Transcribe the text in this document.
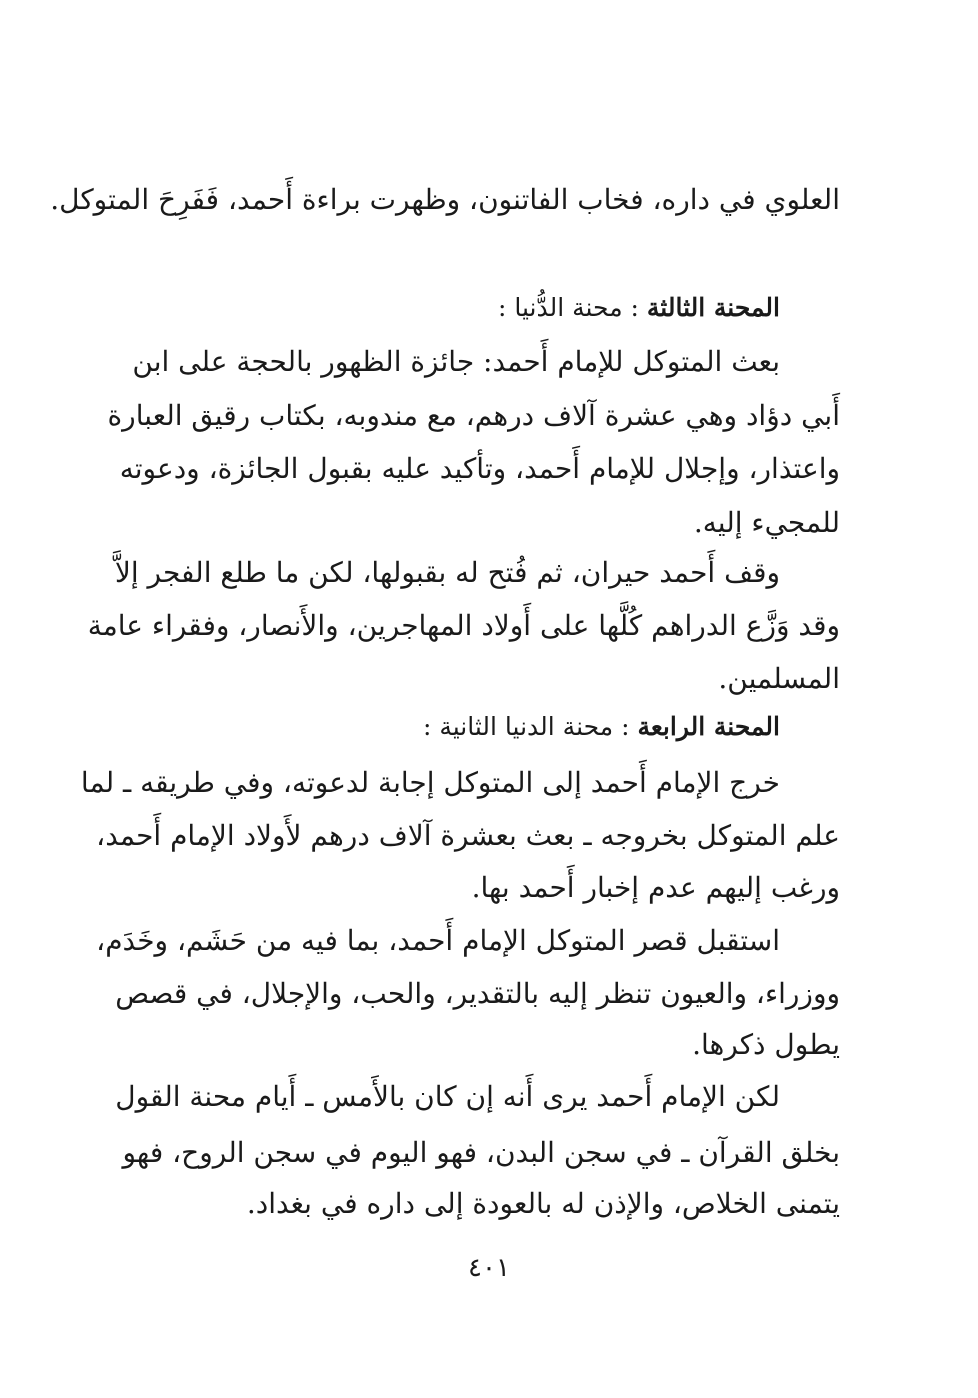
العلوي في داره، فخاب الفاتنون، وظهرت براءة أَحمد، فَفَرِحَ المتوكل.
المحنة الثالثة : محنة الدُّنيا :
بعث المتوكل للإمام أَحمد: جائزة الظهور بالحجة على ابن
أَبي دؤاد وهي عشرة آلاف درهم، مع مندوبه، بكتاب رقيق العبارة
واعتذار، وإجلال للإمام أَحمد، وتأكيد عليه بقبول الجائزة، ودعوته
للمجيء إليه.
وقف أَحمد حيران، ثم فُتح له بقبولها، لكن ما طلع الفجر إلاَّ
وقد وَزَّع الدراهم كُلَّها على أَولاد المهاجرين، والأَنصار، وفقراء عامة
المسلمين.
المحنة الرابعة : محنة الدنيا الثانية :
خرج الإمام أَحمد إلى المتوكل إجابة لدعوته، وفي طريقه ـ لما
علم المتوكل بخروجه ـ بعث بعشرة آلاف درهم لأَولاد الإمام أَحمد،
ورغب إليهم عدم إخبار أَحمد بها.
استقبل قصر المتوكل الإمام أَحمد، بما فيه من حَشَم، وخَدَم،
ووزراء، والعيون تنظر إليه بالتقدير، والحب، والإجلال، في قصص
يطول ذكرها.
لكن الإمام أَحمد يرى أَنه إن كان بالأَمس ـ أَيام محنة القول
بخلق القرآن ـ في سجن البدن، فهو اليوم في سجن الروح، فهو
يتمنى الخلاص، والإذن له بالعودة إلى داره في بغداد.
٤٠١
